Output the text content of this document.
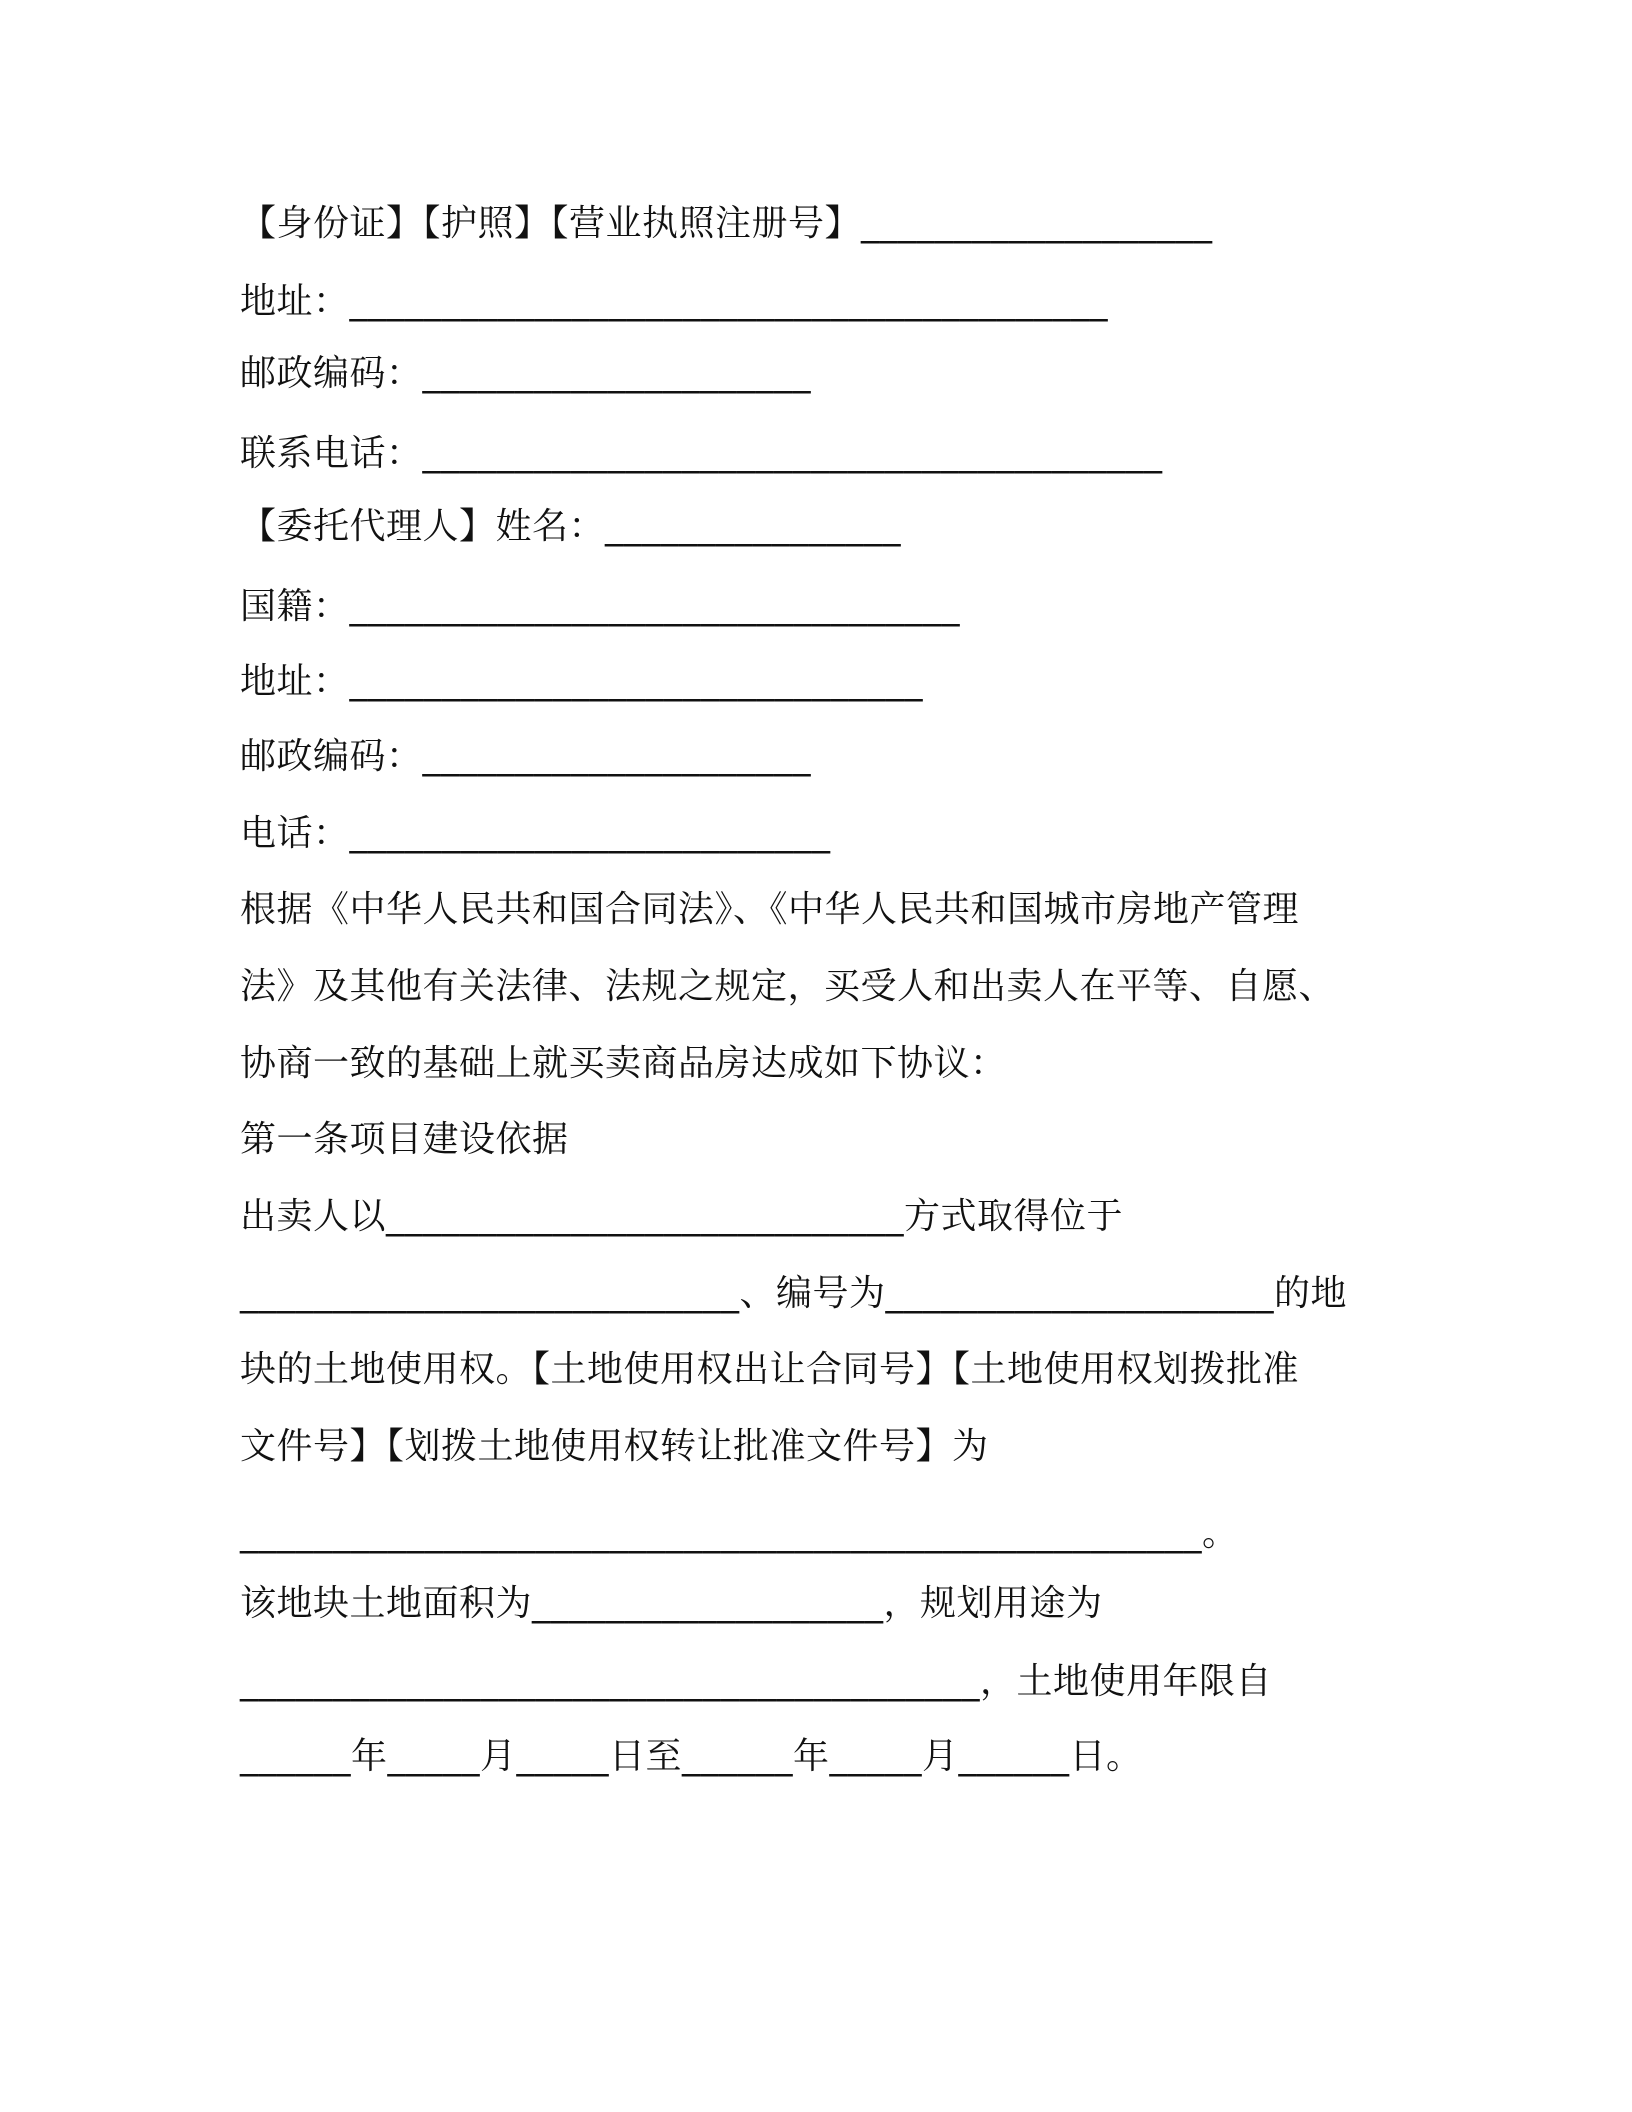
【身份证】【护照】【营业执照注册号】___________________
地址：_________________________________________
邮政编码：_____________________
联系电话：________________________________________
【委托代理人】姓名：________________
国籍：_________________________________
地址：_______________________________
邮政编码：_____________________
电话：__________________________
根据《中华人民共和国合同法》、《中华人民共和国城市房地产管理
法》及其他有关法律、法规之规定，买受人和出卖人在平等、自愿、
协商一致的基础上就买卖商品房达成如下协议：
第一条项目建设依据
出卖人以____________________________方式取得位于
___________________________、编号为_____________________的地
块的土地使用权。【土地使用权出让合同号】【土地使用权划拨批准
文件号】【划拨土地使用权转让批准文件号】为
____________________________________________________。
该地块土地面积为___________________，规划用途为
________________________________________，土地使用年限自
______年_____月_____日至______年_____月______日。
